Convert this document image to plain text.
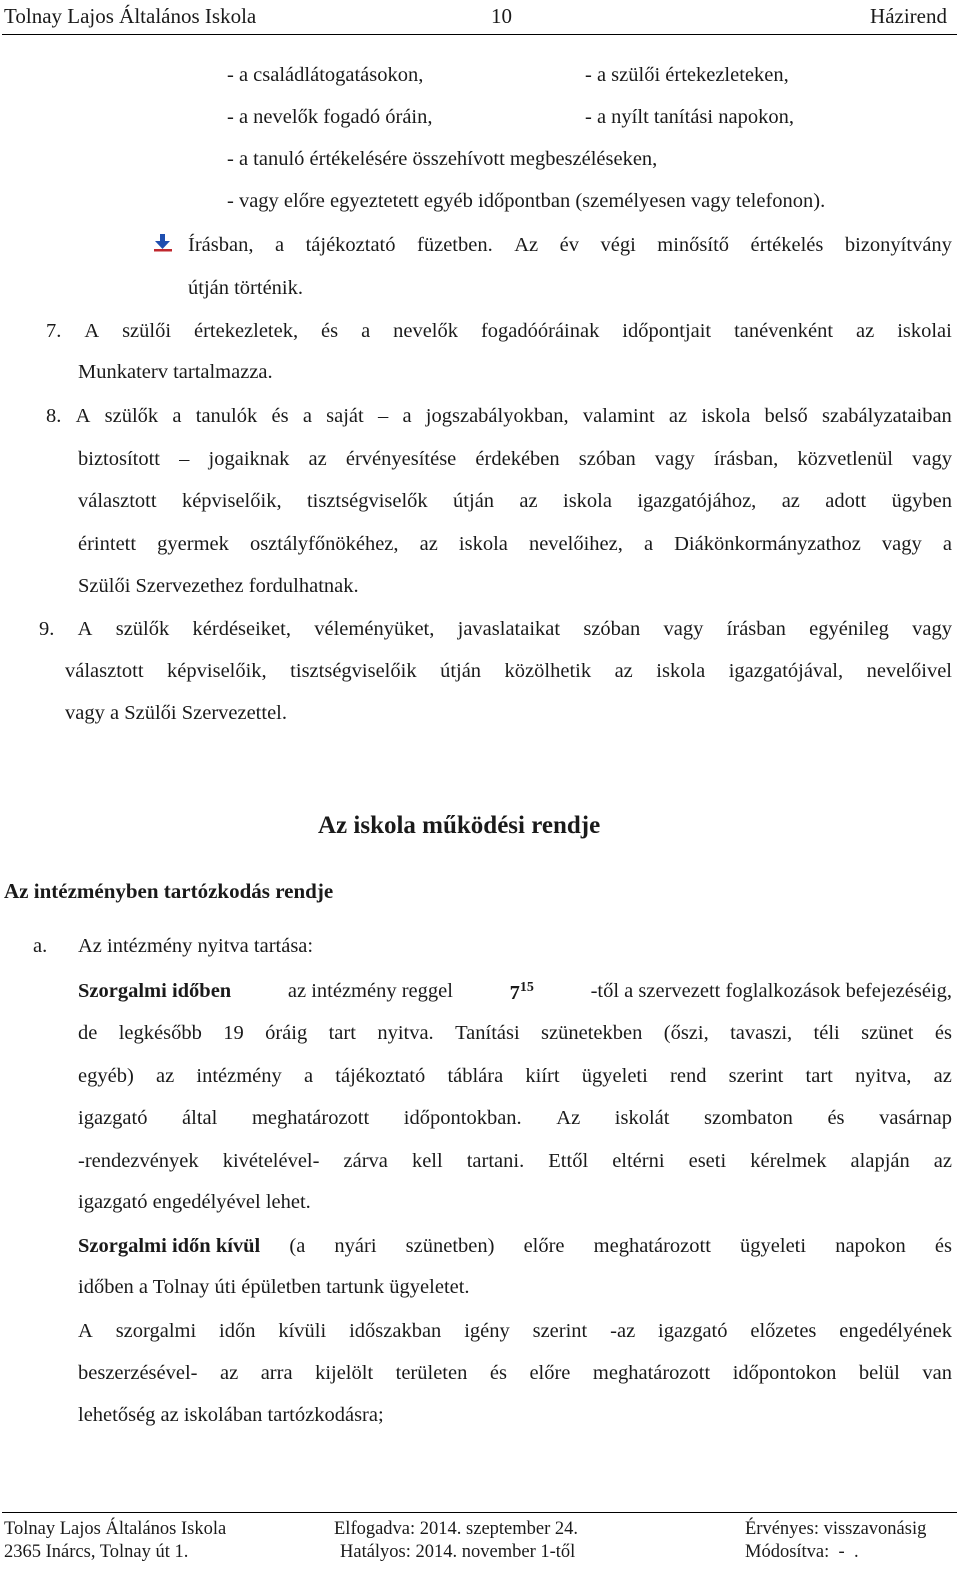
Tolnay Lajos Általános Iskola	10	Házirend
- a családlátogatásokon,
- a nevelők fogadó óráin,
- a tanuló értékelésére összehívott megbeszéléseken,
- vagy előre egyeztetett egyéb időpontban (személyesen vagy telefonon).
- a szülői értekezleteken,
- a nyílt tanítási napokon,
Írásban, a tájékoztató füzetben. Az év végi minősítő értékelés bizonyítvány
útján történik.
7. A szülői értekezletek, és a nevelők fogadóóráinak időpontjait tanévenként az iskolai
Munkaterv tartalmazza.
8. A szülők a tanulók és a saját – a jogszabályokban, valamint az iskola belső szabályzataiban
biztosított – jogaiknak az érvényesítése érdekében szóban vagy írásban, közvetlenül vagy
választott képviselőik, tisztségviselők útján az iskola igazgatójához, az adott ügyben
érintett gyermek osztályfőnökéhez, az iskola nevelőihez, a Diákönkormányzathoz vagy a
Szülői Szervezethez fordulhatnak.
9. A szülők kérdéseiket, véleményüket, javaslataikat szóban vagy írásban egyénileg vagy
választott képviselőik, tisztségviselőik útján közölhetik az iskola igazgatójával, nevelőivel
vagy a Szülői Szervezettel.
Az iskola működési rendje
Az intézményben tartózkodás rendje
a. Az intézmény nyitva tartása:
Szorgalmi időben	az intézmény reggel	$7^{15}$	-től a szervezett foglalkozások befejezéséig,
de legkésőbb 19 óráig tart nyitva. Tanítási szünetekben (őszi, tavaszi, téli szünet és
egyéb) az intézmény a tájékoztató táblára kiírt ügyeleti rend szerint tart nyitva, az
igazgató által meghatározott időpontokban. Az iskolát szombaton és vasárnap
-rendezvények kivételével- zárva kell tartani. Ettől eltérni eseti kérelmek alapján az
igazgató engedélyével lehet.
Szorgalmi időn kívül (a nyári szünetben) előre meghatározott ügyeleti napokon és
időben a Tolnay úti épületben tartunk ügyeletet.
A szorgalmi időn kívüli időszakban igény szerint -az igazgató előzetes engedélyének
beszerzésével- az arra kijelölt területen és előre meghatározott időpontokon belül van
lehetőség az iskolában tartózkodásra;
Tolnay Lajos Általános Iskola
2365 Inárcs, Tolnay út 1.
Elfogadva: 2014. szeptember 24.
Hatályos: 2014. november 1-től
Érvényes: visszavonásig
Módosítva:  -  .
